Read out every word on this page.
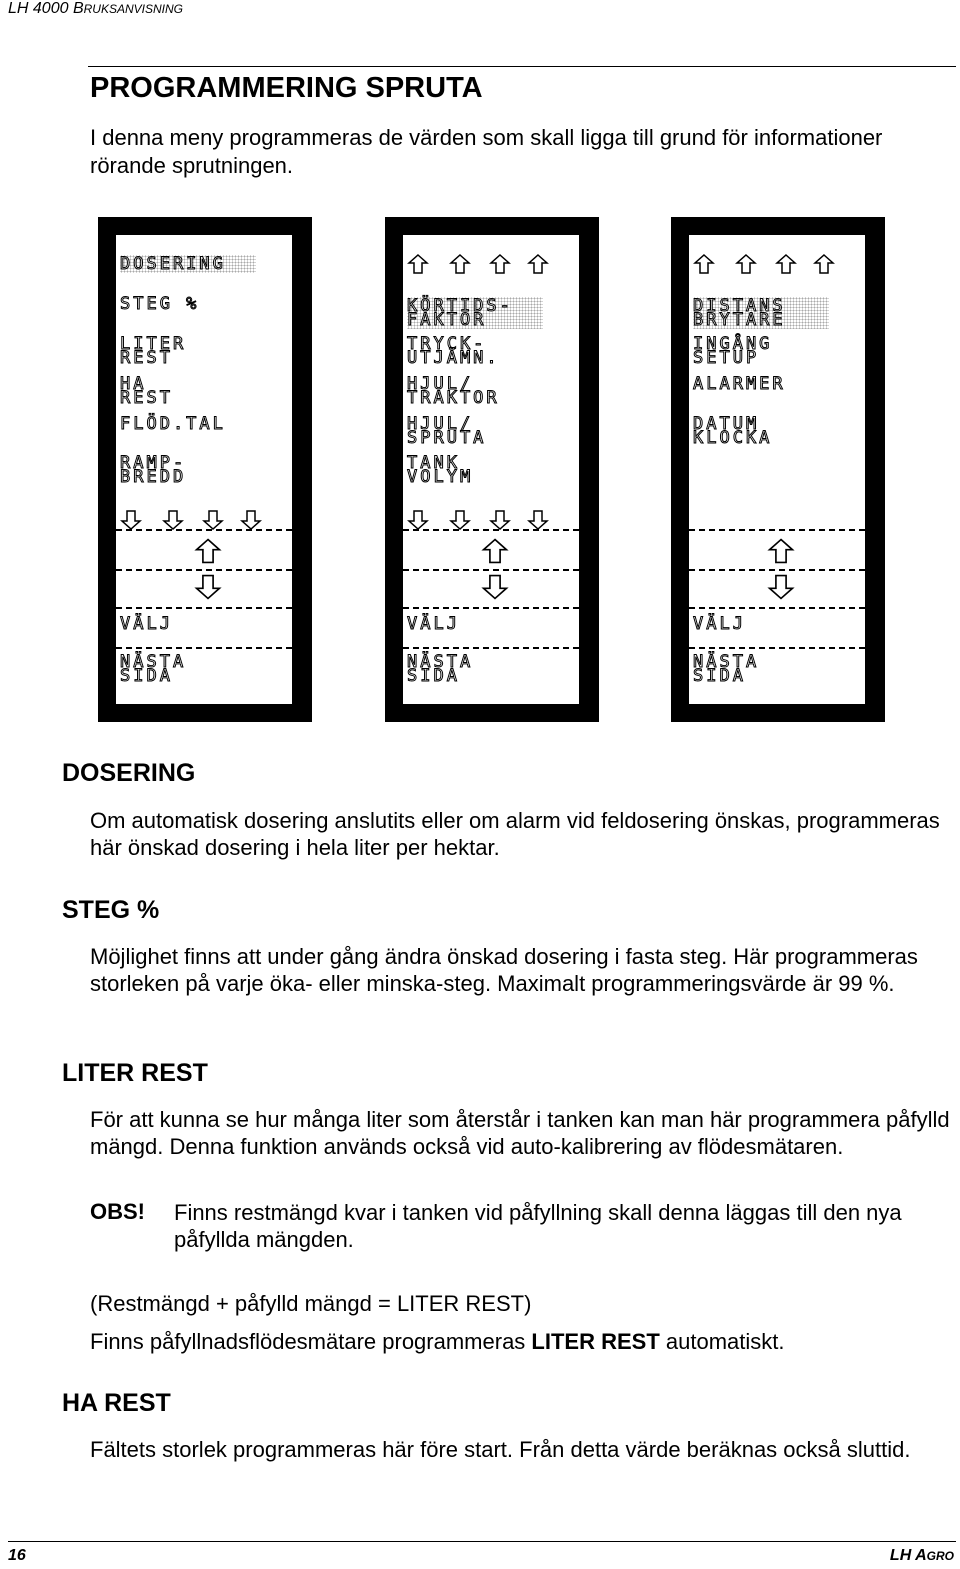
LH 4000 BRUKSANVISNING
PROGRAMMERING SPRUTA
I denna meny programmeras de värden som skall ligga till grund för informationer rörande sprutningen.
DOSERING
STEG %
LITER
REST
HA
REST
FLÖD.TAL
RAMP-
BREDD
VÄLJ
NÄSTA
SIDA
KÖRTIDS-
FAKTOR
TRYCK-
UTJÄMN.
HJUL/
TRAKTOR
HJUL/
SPRUTA
TANK
VOLYM
VÄLJ
NÄSTA
SIDA
DISTANS
BRYTARE
INGÅNG
SETUP
ALARMER
DATUM
KLOCKA
VÄLJ
NÄSTA
SIDA
DOSERING
Om automatisk dosering anslutits eller om alarm vid feldosering önskas, programmeras här önskad dosering i hela liter per hektar.
STEG %
Möjlighet finns att under gång ändra önskad dosering i fasta steg. Här programmeras storleken på varje öka- eller minska-steg. Maximalt programmeringsvärde är 99 %.
LITER REST
För att kunna se hur många liter som återstår i tanken kan man här programmera påfylld mängd. Denna funktion används också vid auto-kalibrering av flödesmätaren.
OBS! Finns restmängd kvar i tanken vid påfyllning skall denna läggas till den nya påfyllda mängden.
(Restmängd + påfylld mängd = LITER REST)
Finns påfyllnadsflödesmätare programmeras LITER REST automatiskt.
HA REST
Fältets storlek programmeras här före start. Från detta värde beräknas också sluttid.
16	LH AGRO
